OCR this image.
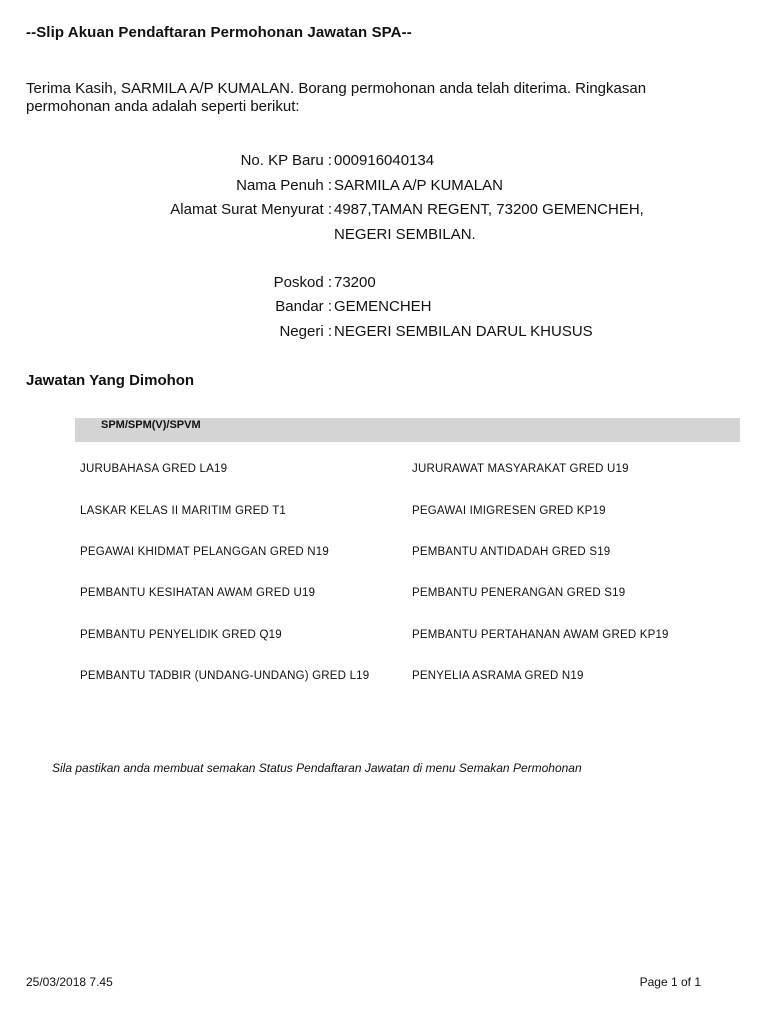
--Slip Akuan Pendaftaran Permohonan Jawatan SPA--
Terima Kasih, SARMILA A/P KUMALAN. Borang permohonan anda telah diterima. Ringkasan permohonan anda adalah seperti berikut:
No. KP Baru : 000916040134
Nama Penuh : SARMILA A/P KUMALAN
Alamat Surat Menyurat : 4987,TAMAN REGENT, 73200 GEMENCHEH,
NEGERI SEMBILAN.
Poskod : 73200
Bandar : GEMENCHEH
Negeri : NEGERI SEMBILAN DARUL KHUSUS
Jawatan Yang Dimohon
SPM/SPM(V)/SPVM
JURUBAHASA GRED LA19
LASKAR KELAS II MARITIM GRED T1
PEGAWAI KHIDMAT PELANGGAN GRED N19
PEMBANTU KESIHATAN AWAM GRED U19
PEMBANTU PENYELIDIK GRED Q19
PEMBANTU TADBIR (UNDANG-UNDANG) GRED L19
JURURAWAT MASYARAKAT GRED U19
PEGAWAI IMIGRESEN GRED KP19
PEMBANTU ANTIDADAH GRED S19
PEMBANTU PENERANGAN GRED S19
PEMBANTU PERTAHANAN AWAM GRED KP19
PENYELIA ASRAMA GRED N19
Sila pastikan anda membuat semakan Status Pendaftaran Jawatan di menu Semakan Permohonan
25/03/2018 7.45	Page 1 of 1
